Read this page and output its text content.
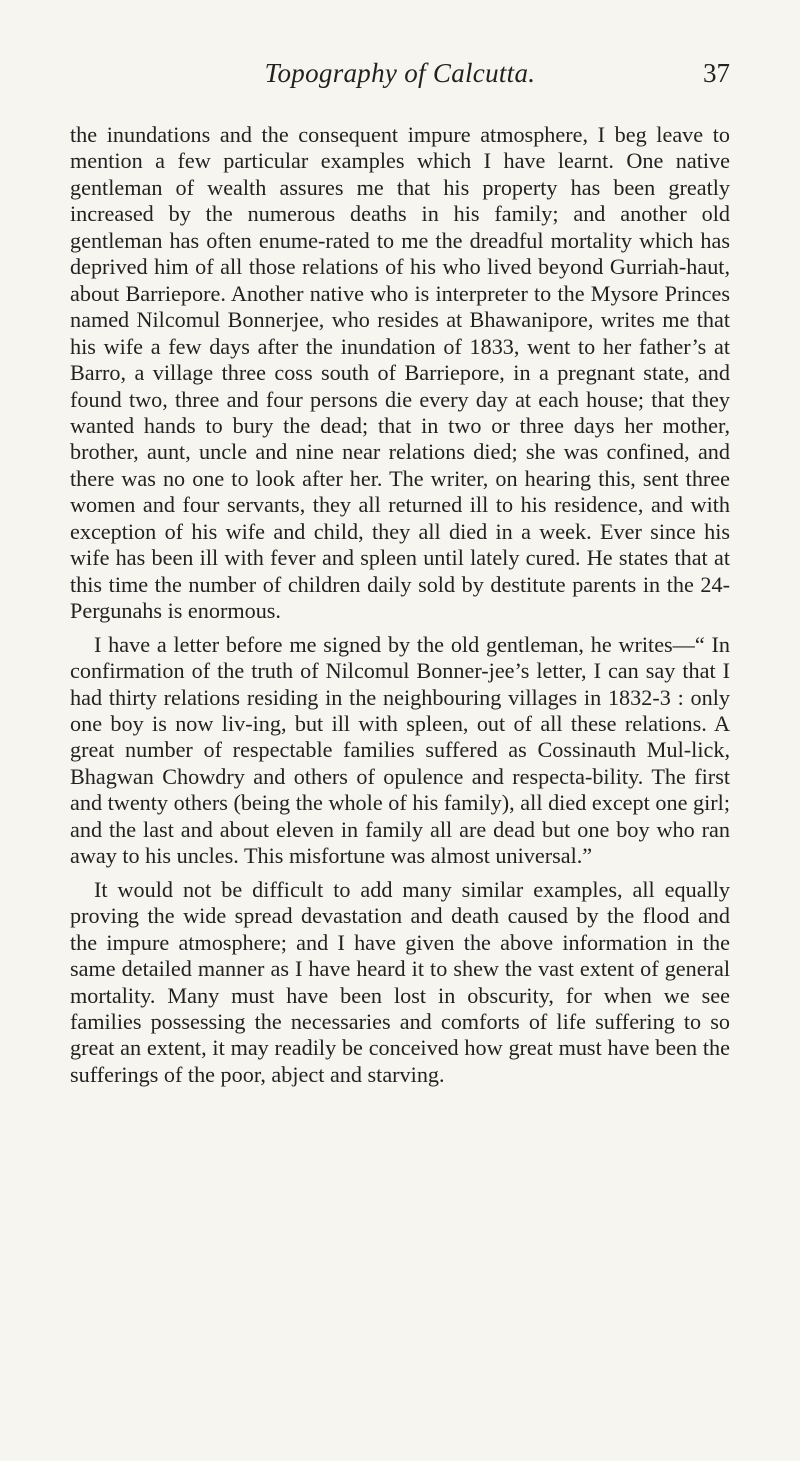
Topography of Calcutta.	37

the inundations and the consequent impure atmosphere, I beg leave to mention a few particular examples which I have learnt. One native gentleman of wealth assures me that his property has been greatly increased by the numerous deaths in his family; and another old gentleman has often enume-rated to me the dreadful mortality which has deprived him of all those relations of his who lived beyond Gurriah-haut, about Barriepore. Another native who is interpreter to the Mysore Princes named Nilcomul Bonnerjee, who resides at Bhawanipore, writes me that his wife a few days after the inundation of 1833, went to her father’s at Barro, a village three coss south of Barriepore, in a pregnant state, and found two, three and four persons die every day at each house; that they wanted hands to bury the dead; that in two or three days her mother, brother, aunt, uncle and nine near relations died; she was confined, and there was no one to look after her. The writer, on hearing this, sent three women and four servants, they all returned ill to his residence, and with exception of his wife and child, they all died in a week. Ever since his wife has been ill with fever and spleen until lately cured. He states that at this time the number of children daily sold by destitute parents in the 24-Pergunahs is enormous.

I have a letter before me signed by the old gentleman, he writes—“ In confirmation of the truth of Nilcomul Bonner-jee’s letter, I can say that I had thirty relations residing in the neighbouring villages in 1832-3 : only one boy is now liv-ing, but ill with spleen, out of all these relations. A great number of respectable families suffered as Cossinauth Mul-lick, Bhagwan Chowdry and others of opulence and respecta-bility. The first and twenty others (being the whole of his family), all died except one girl; and the last and about eleven in family all are dead but one boy who ran away to his uncles. This misfortune was almost universal.”

It would not be difficult to add many similar examples, all equally proving the wide spread devastation and death caused by the flood and the impure atmosphere; and I have given the above information in the same detailed manner as I have heard it to shew the vast extent of general mortality. Many must have been lost in obscurity, for when we see families possessing the necessaries and comforts of life suffering to so great an extent, it may readily be conceived how great must have been the sufferings of the poor, abject and starving.
